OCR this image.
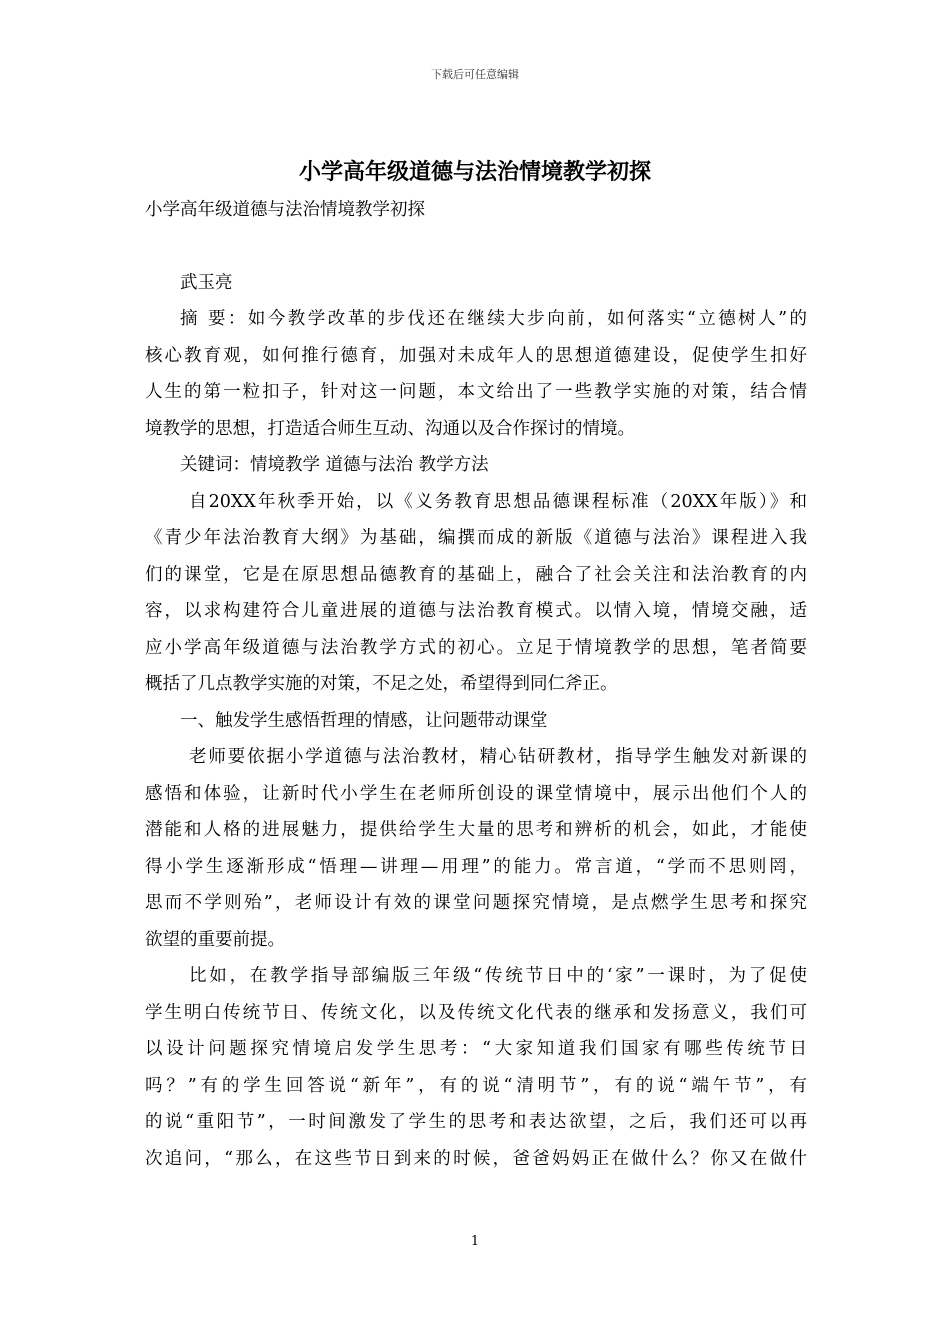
下载后可任意编辑
小学高年级道德与法治情境教学初探
小学高年级道德与法治情境教学初探
武玉亮
摘 要：如今教学改革的步伐还在继续大步向前，如何落实“立德树人”的
核心教育观，如何推行德育，加强对未成年人的思想道德建设，促使学生扣好
人生的第一粒扣子，针对这一问题，本文给出了一些教学实施的对策，结合情
境教学的思想，打造适合师生互动、沟通以及合作探讨的情境。
关键词：情境教学 道德与法治 教学方法
自20XX年秋季开始，以《义务教育思想品德课程标准（20XX年版）》和
《青少年法治教育大纲》为基础，编撰而成的新版《道德与法治》课程进入我
们的课堂，它是在原思想品德教育的基础上，融合了社会关注和法治教育的内
容，以求构建符合儿童进展的道德与法治教育模式。以情入境，情境交融，适
应小学高年级道德与法治教学方式的初心。立足于情境教学的思想，笔者简要
概括了几点教学实施的对策，不足之处，希望得到同仁斧正。
一、触发学生感悟哲理的情感，让问题带动课堂
老师要依据小学道德与法治教材，精心钻研教材，指导学生触发对新课的
感悟和体验，让新时代小学生在老师所创设的课堂情境中，展示出他们个人的
潜能和人格的进展魅力，提供给学生大量的思考和辨析的机会，如此，才能使
得小学生逐渐形成“悟理—讲理—用理”的能力。常言道，“学而不思则罔，
思而不学则殆”，老师设计有效的课堂问题探究情境，是点燃学生思考和探究
欲望的重要前提。
比如，在教学指导部编版三年级“传统节日中的‘家”一课时，为了促使
学生明白传统节日、传统文化，以及传统文化代表的继承和发扬意义，我们可
以设计问题探究情境启发学生思考：“大家知道我们国家有哪些传统节日
吗？”有的学生回答说“新年”，有的说“清明节”，有的说“端午节”，有
的说“重阳节”，一时间激发了学生的思考和表达欲望，之后，我们还可以再
次追问，“那么，在这些节日到来的时候，爸爸妈妈正在做什么？你又在做什
1
